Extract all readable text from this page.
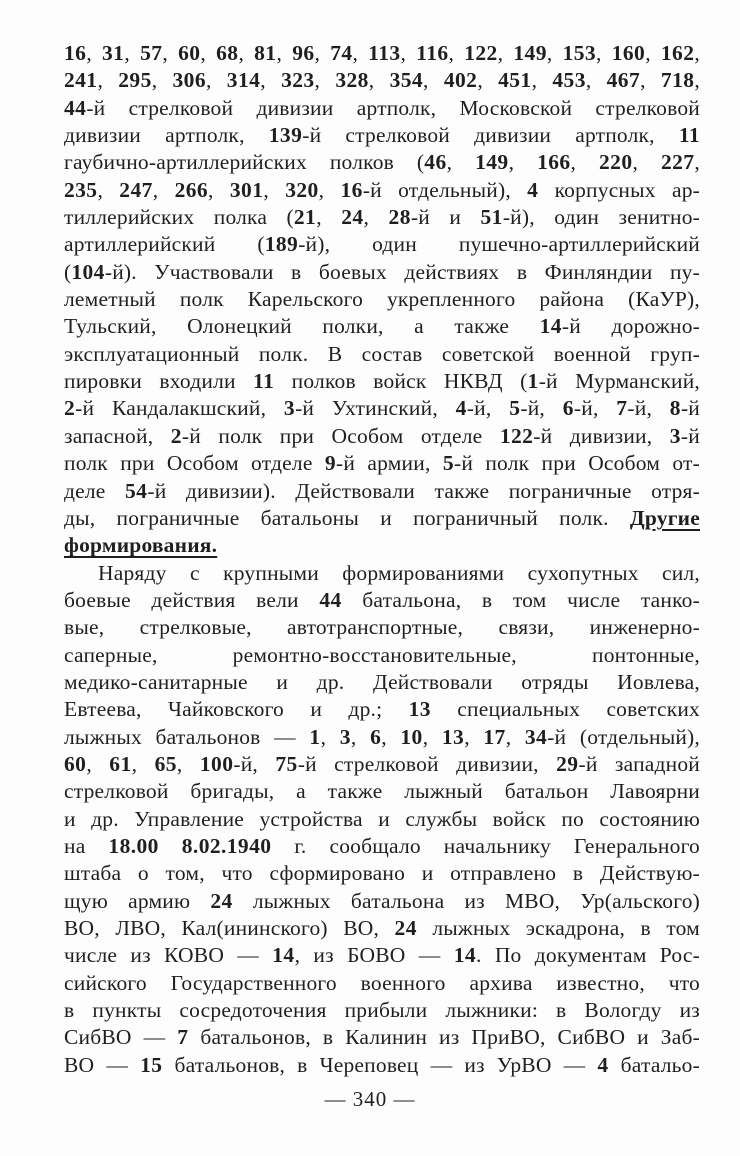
16, 31, 57, 60, 68, 81, 96, 74, 113, 116, 122, 149, 153, 160, 162,
241, 295, 306, 314, 323, 328, 354, 402, 451, 453, 467, 718,
44-й стрелковой дивизии артполк, Московской стрелковой
дивизии артполк, 139-й стрелковой дивизии артполк, 11
гаубично-артиллерийских полков (46, 149, 166, 220, 227,
235, 247, 266, 301, 320, 16-й отдельный), 4 корпусных ар-
тиллерийских полка (21, 24, 28-й и 51-й), один зенитно-
артиллерийский (189-й), один пушечно-артиллерийский
(104-й). Участвовали в боевых действиях в Финляндии пу-
леметный полк Карельского укрепленного района (КаУР),
Тульский, Олонецкий полки, а также 14-й дорожно-
эксплуатационный полк. В состав советской военной груп-
пировки входили 11 полков войск НКВД (1-й Мурманский,
2-й Кандалакшский, 3-й Ухтинский, 4-й, 5-й, 6-й, 7-й, 8-й
запасной, 2-й полк при Особом отделе 122-й дивизии, 3-й
полк при Особом отделе 9-й армии, 5-й полк при Особом от-
деле 54-й дивизии). Действовали также пограничные отря-
ды, пограничные батальоны и пограничный полк. Другие
формирования.
Наряду с крупными формированиями сухопутных сил,
боевые действия вели 44 батальона, в том числе танко-
вые, стрелковые, автотранспортные, связи, инженерно-
саперные, ремонтно-восстановительные, понтонные,
медико-санитарные и др. Действовали отряды Иовлева,
Евтеева, Чайковского и др.; 13 специальных советских
лыжных батальонов — 1, 3, 6, 10, 13, 17, 34-й (отдельный),
60, 61, 65, 100-й, 75-й стрелковой дивизии, 29-й западной
стрелковой бригады, а также лыжный батальон Лавоярни
и др. Управление устройства и службы войск по состоянию
на 18.00 8.02.1940 г. сообщало начальнику Генерального
штаба о том, что сформировано и отправлено в Действую-
щую армию 24 лыжных батальона из МВО, Ур(альского)
ВО, ЛВО, Кал(ининского) ВО, 24 лыжных эскадрона, в том
числе из КОВО — 14, из БОВО — 14. По документам Рос-
сийского Государственного военного архива известно, что
в пункты сосредоточения прибыли лыжники: в Вологду из
СибВО — 7 батальонов, в Калинин из ПриВО, СибВО и Заб-
ВО — 15 батальонов, в Череповец — из УрВО — 4 батальо-
— 340 —
